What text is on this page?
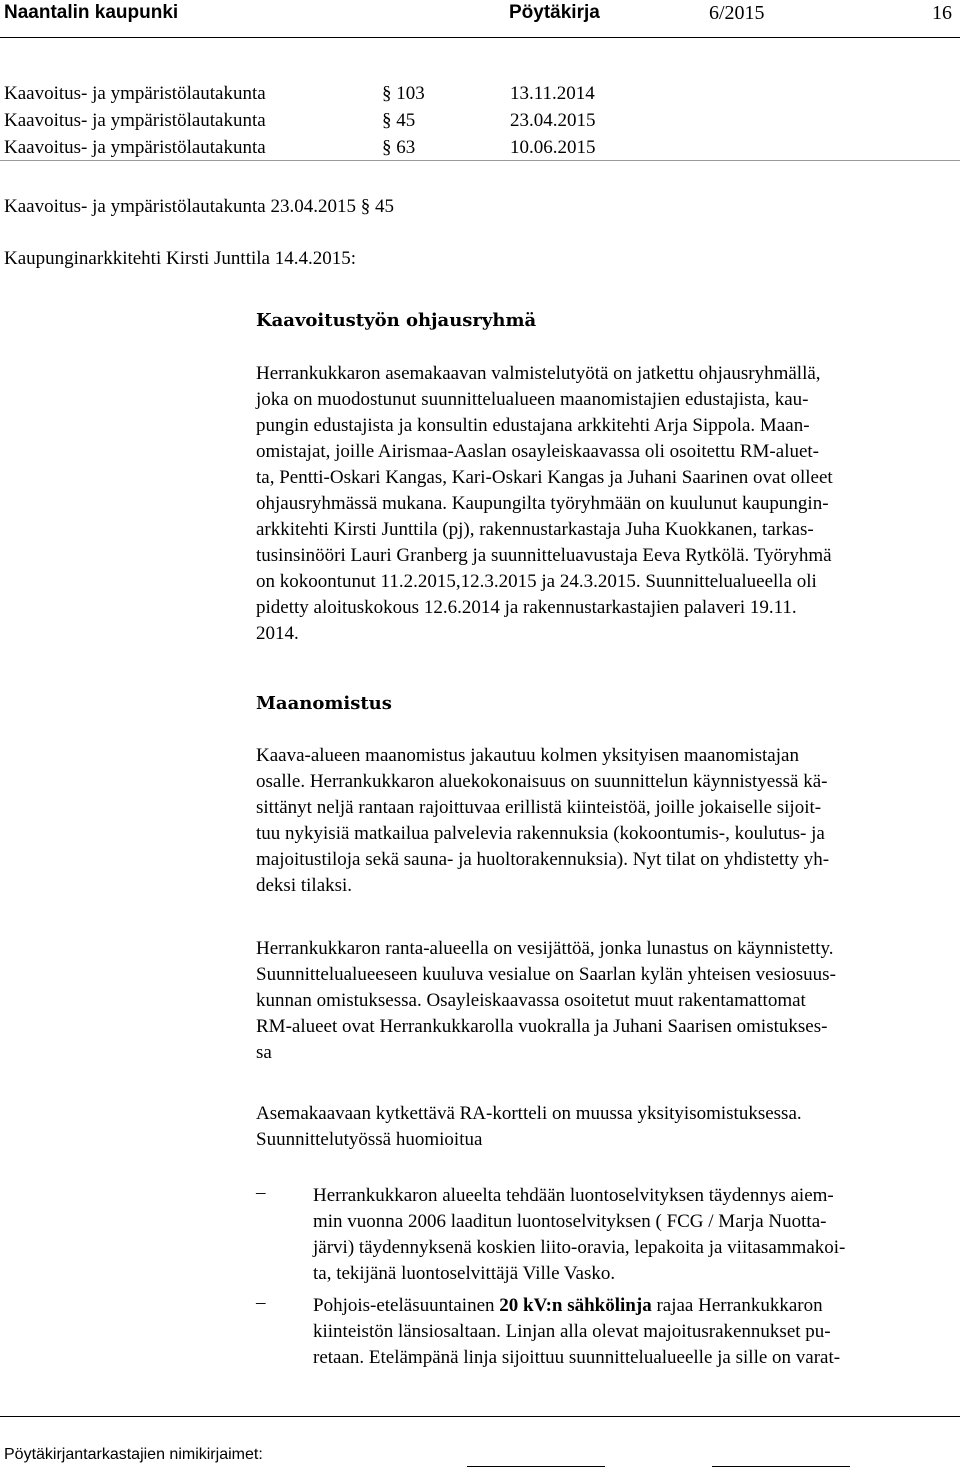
Naantalin kaupunki	Pöytäkirja	6/2015	16
Kaavoitus- ja ympäristölautakunta	§ 103	13.11.2014
Kaavoitus- ja ympäristölautakunta	§ 45	23.04.2015
Kaavoitus- ja ympäristölautakunta	§ 63	10.06.2015
Kaavoitus- ja ympäristölautakunta 23.04.2015 § 45
Kaupunginarkkitehti Kirsti Junttila 14.4.2015:
Kaavoitustyön ohjausryhmä
Herrankukkaron asemakaavan valmistelutyötä on jatkettu ohjausryhmällä,
joka on muodostunut suunnittelualueen maanomistajien edustajista, kau-
pungin edustajista ja konsultin edustajana arkkitehti Arja Sippola. Maan-
omistajat, joille Airismaa-Aaslan osayleiskaavassa oli osoitettu RM-aluet-
ta, Pentti-Oskari Kangas, Kari-Oskari Kangas ja Juhani Saarinen ovat olleet
ohjausryhmässä mukana. Kaupungilta työryhmään on kuulunut kaupungin-
arkkitehti Kirsti Junttila (pj), rakennustarkastaja Juha Kuokkanen, tarkas-
tusinsinööri Lauri Granberg ja suunnitteluavustaja Eeva Rytkölä. Työryhmä
on kokoontunut 11.2.2015,12.3.2015 ja 24.3.2015. Suunnittelualueella oli
pidetty aloituskokous 12.6.2014 ja rakennustarkastajien palaveri 19.11.
2014.
Maanomistus
Kaava-alueen maanomistus jakautuu kolmen yksityisen maanomistajan
osalle. Herrankukkaron aluekokonaisuus on suunnittelun käynnistyessä kä-
sittänyt neljä rantaan rajoittuvaa erillistä kiinteistöä, joille jokaiselle sijoit-
tuu nykyisiä matkailua palvelevia rakennuksia (kokoontumis-, koulutus- ja
majoitustiloja sekä sauna- ja huoltorakennuksia). Nyt tilat on yhdistetty yh-
deksi tilaksi.
Herrankukkaron ranta-alueella on vesijättöä, jonka lunastus on käynnistetty.
Suunnittelualueeseen kuuluva vesialue on Saarlan kylän yhteisen vesiosuus-
kunnan omistuksessa. Osayleiskaavassa osoitetut muut rakentamattomat
RM-alueet ovat Herrankukkarolla vuokralla ja Juhani Saarisen omistukses-
sa
Asemakaavaan kytkettävä RA-kortteli on muussa yksityisomistuksessa.
Suunnittelutyössä huomioitua
–	Herrankukkaron alueelta tehdään luontoselvityksen täydennys aiem-
min vuonna 2006 laaditun luontoselvityksen ( FCG / Marja Nuotta-
järvi) täydennyksenä koskien liito-oravia, lepakoita ja viitasammakoi-
ta, tekijänä luontoselvittäjä Ville Vasko.
–	Pohjois-eteläsuuntainen 20 kV:n sähkölinja rajaa Herrankukkaron
kiinteistön länsiosaltaan. Linjan alla olevat majoitusrakennukset pu-
retaan. Etelämpänä linja sijoittuu suunnittelualueelle ja sille on varat-
Pöytäkirjantarkastajien nimikirjaimet:
